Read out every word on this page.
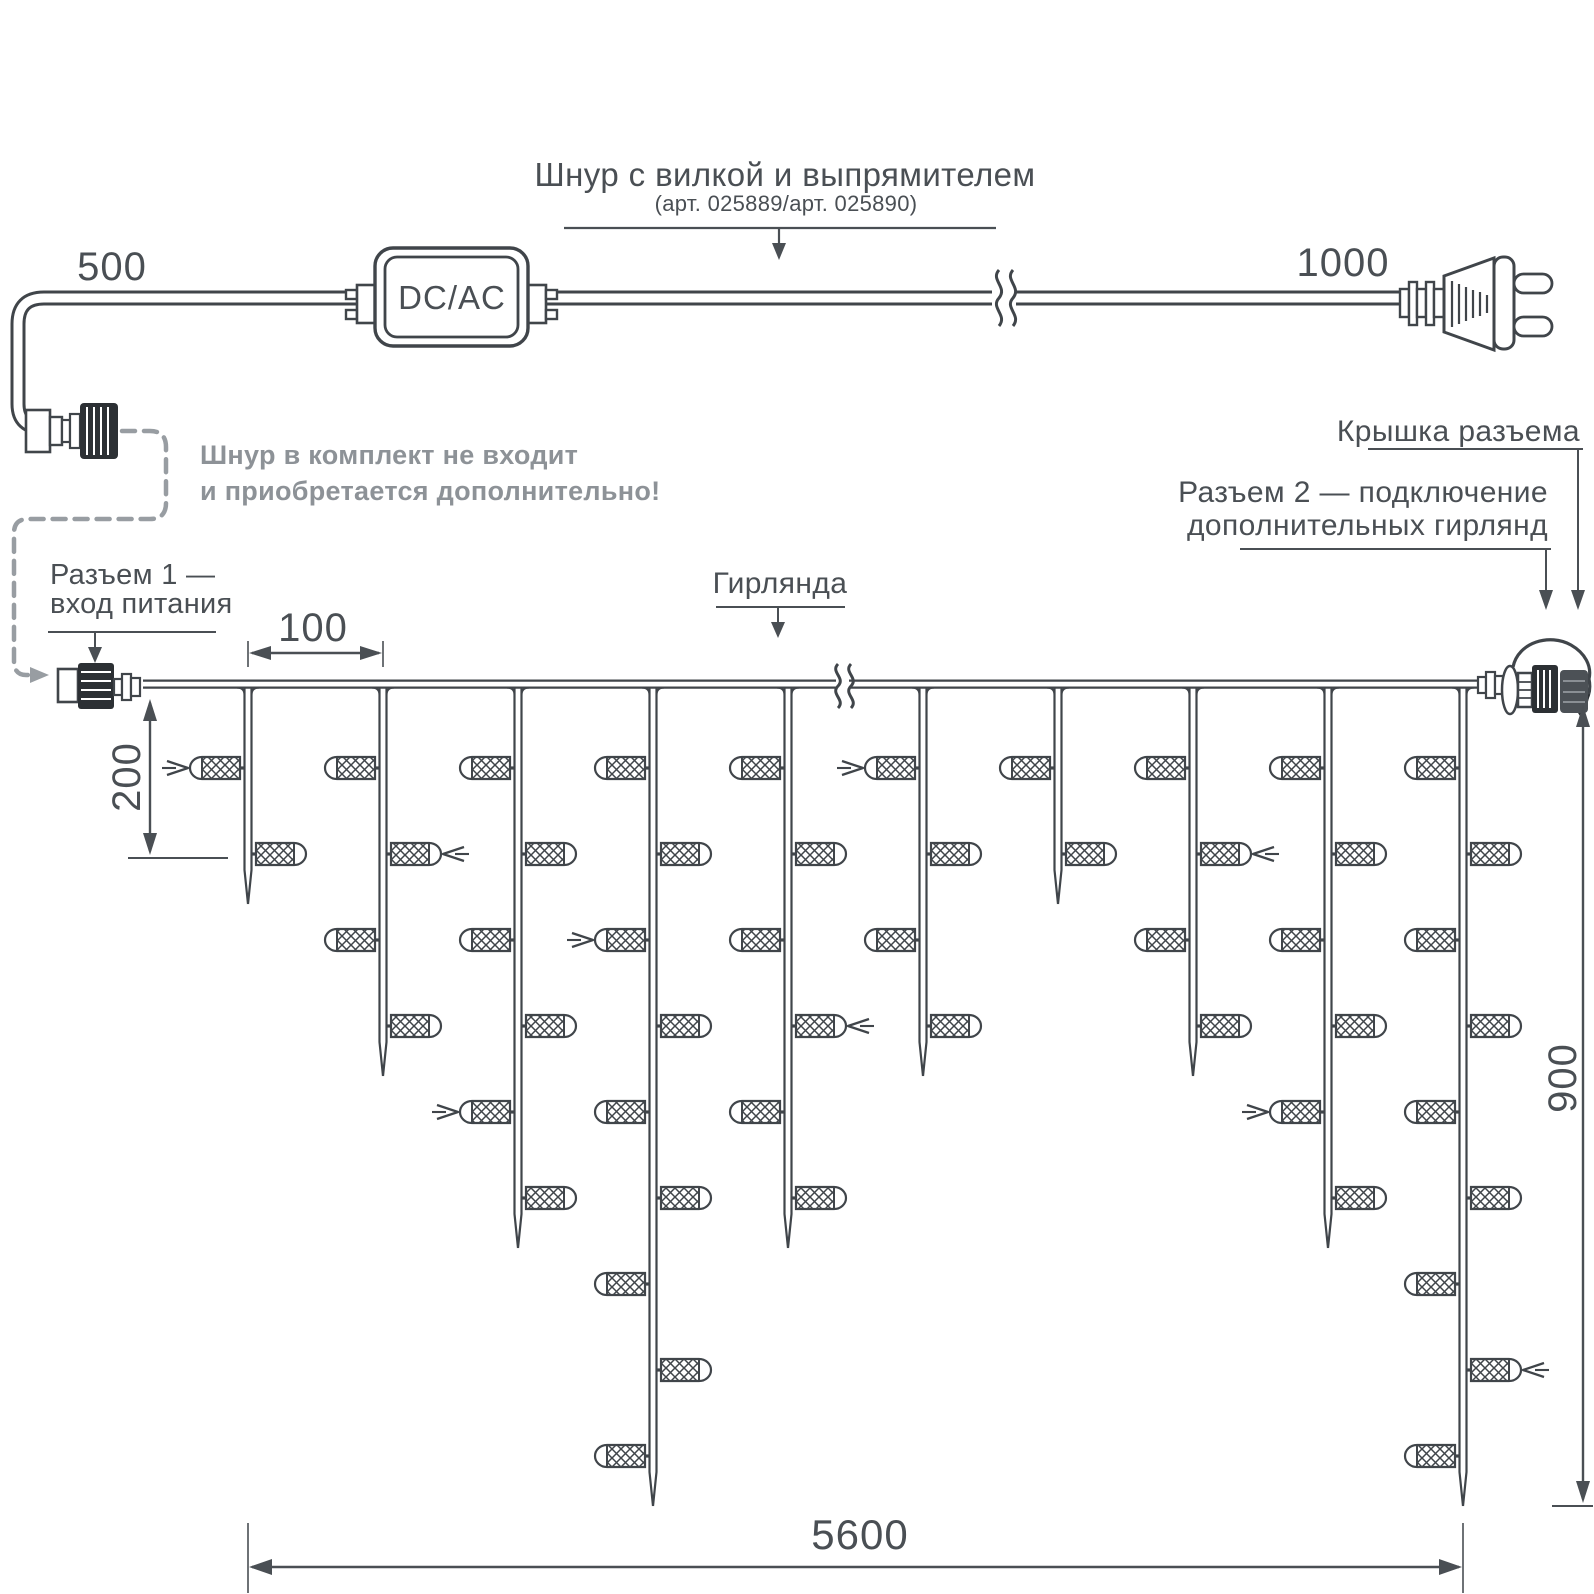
DC/AC
Шнур с вилкой и выпрямителем
(арт. 025889/арт. 025890)
500	1000
Шнур в комплект не входит
и приобретается дополнительно!
Разъем 1 —
вход питания
Гирлянда
Крышка разъема
Разъем 2 — подключение
дополнительных гирлянд
100
200
900
5600
